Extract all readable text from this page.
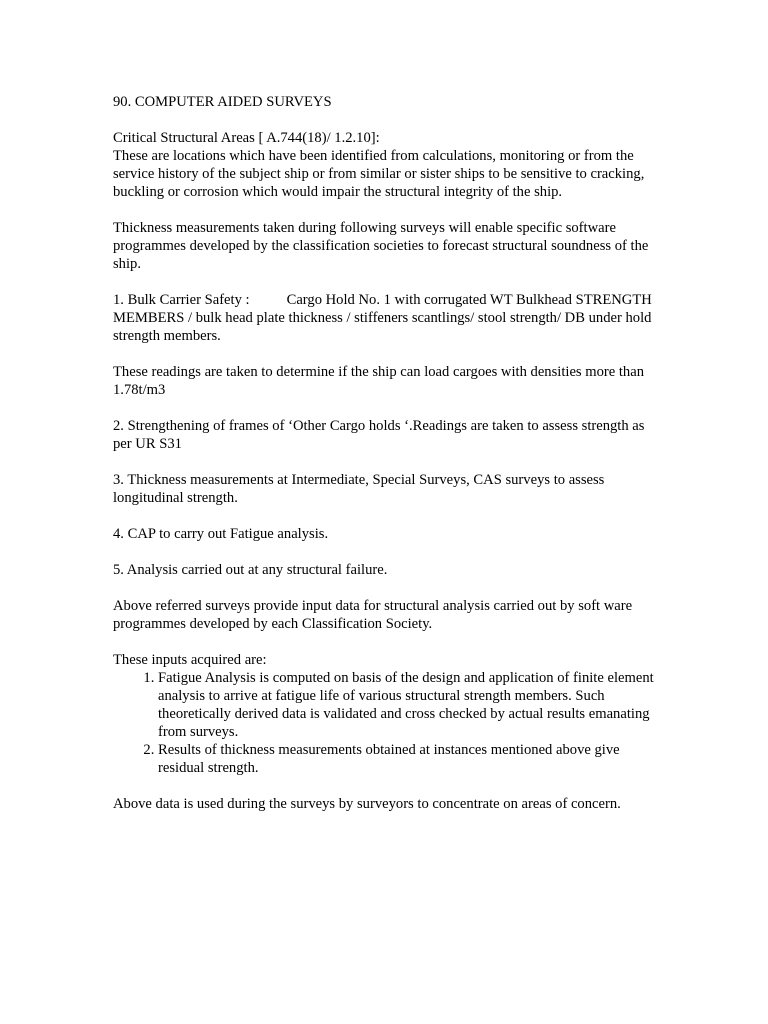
90. COMPUTER AIDED SURVEYS

Critical Structural Areas [ A.744(18)/ 1.2.10]:

These are locations which have been identified from calculations, monitoring or from the service history of the subject ship or from similar or sister ships to be sensitive to cracking, buckling or corrosion which would impair the structural integrity of the ship.

Thickness measurements taken during following surveys will enable specific software programmes developed by the classification societies to forecast structural soundness of the ship.

1. Bulk Carrier Safety :	Cargo Hold No. 1 with corrugated WT Bulkhead STRENGTH MEMBERS / bulk head plate thickness / stiffeners scantlings/ stool strength/ DB under hold strength members.

These readings are taken to determine if the ship can load cargoes with densities more than 1.78t/m3

2. Strengthening of frames of ‘Other Cargo holds ‘.Readings are taken to assess strength as per UR S31

3. Thickness measurements at Intermediate, Special Surveys, CAS surveys to assess longitudinal strength.

4. CAP to carry out Fatigue analysis.

5. Analysis carried out at any structural failure.

Above referred surveys provide input data for structural analysis carried out by soft ware programmes developed by each Classification Society.

These inputs acquired are:

1. Fatigue Analysis is computed on basis of the design and application of finite element analysis to arrive at fatigue life of various structural strength members. Such theoretically derived data is validated and cross checked by actual results emanating from surveys.
2. Results of thickness measurements obtained at instances mentioned above give residual strength.

Above data is used during the surveys by surveyors to concentrate on areas of concern.
